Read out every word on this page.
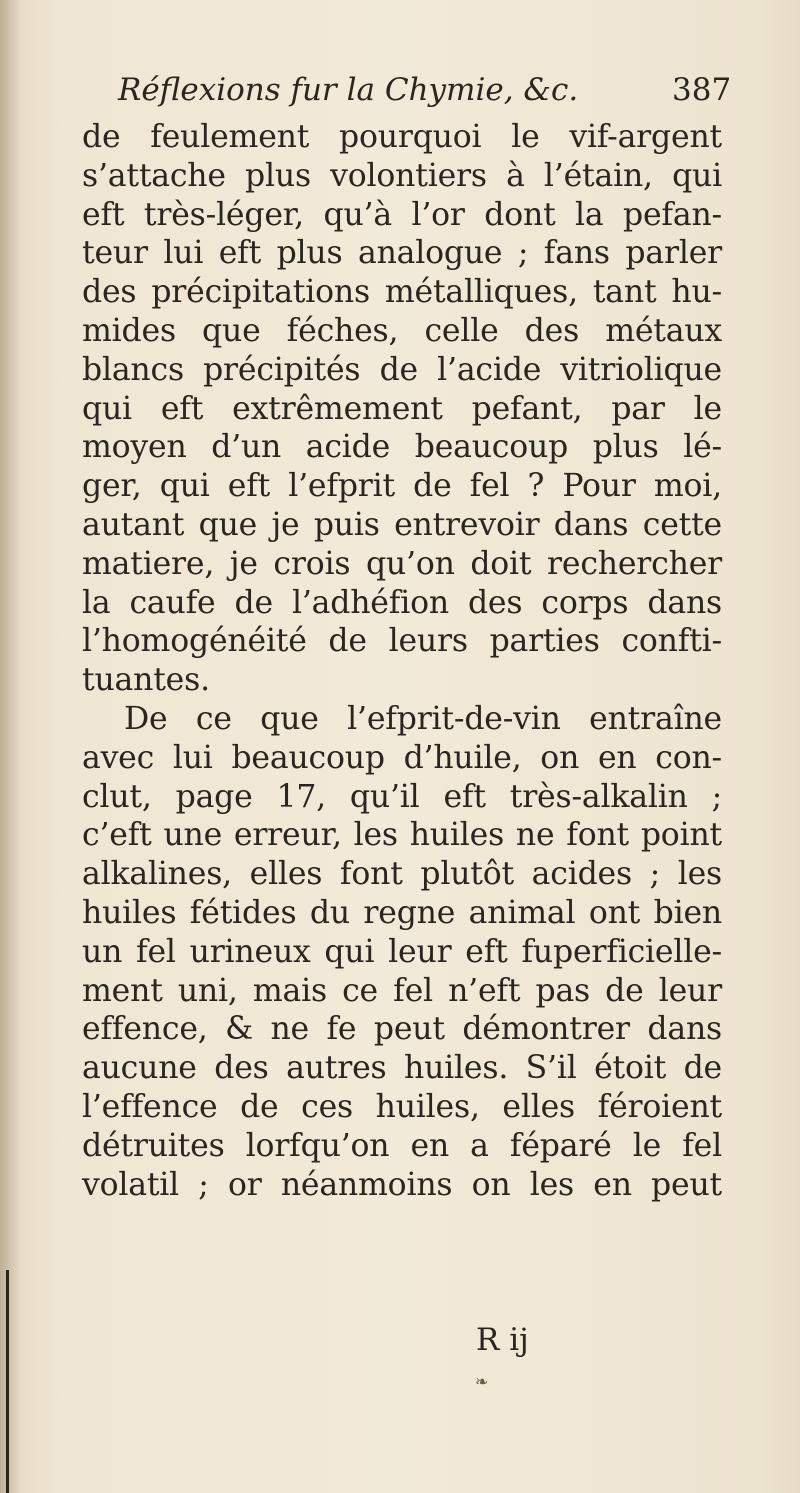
Réflexions fur la Chymie, &c.	387
de feulement pourquoi le vif-argent
s’attache plus volontiers à l’étain, qui
eft très-léger, qu’à l’or dont la pefan-
teur lui eft plus analogue ; fans parler
des précipitations métalliques, tant hu-
mides que féches, celle des métaux
blancs précipités de l’acide vitriolique
qui eft extrêmement pefant, par le
moyen d’un acide beaucoup plus lé-
ger, qui eft l’efprit de fel ? Pour moi,
autant que je puis entrevoir dans cette
matiere, je crois qu’on doit rechercher
la caufe de l’adhéfion des corps dans
l’homogénéité de leurs parties confti-
tuantes.
De ce que l’efprit-de-vin entraîne
avec lui beaucoup d’huile, on en con-
clut, page 17, qu’il eft très-alkalin ;
c’eft une erreur, les huiles ne font point
alkalines, elles font plutôt acides ; les
huiles fétides du regne animal ont bien
un fel urineux qui leur eft fuperficielle-
ment uni, mais ce fel n’eft pas de leur
effence, & ne fe peut démontrer dans
aucune des autres huiles. S’il étoit de
l’effence de ces huiles, elles féroient
détruites lorfqu’on en a féparé le fel
volatil ; or néanmoins on les en peut
R ij
❧
